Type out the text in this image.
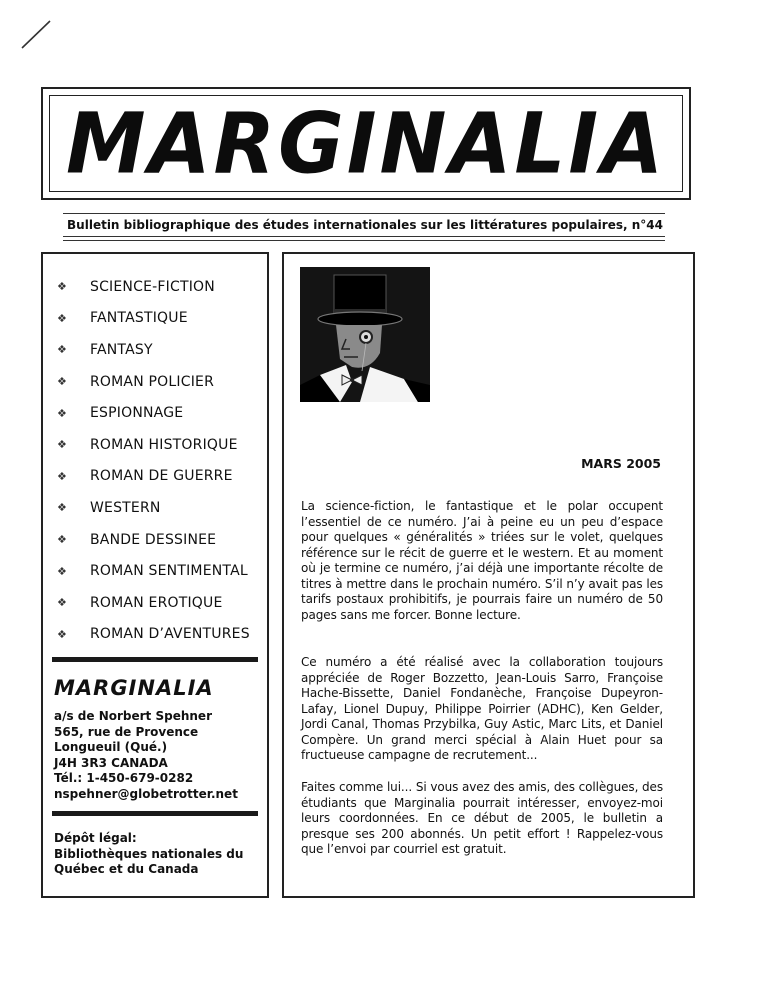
MARGINALIA
Bulletin bibliographique des études internationales sur les littératures populaires, n°44
❖	SCIENCE-FICTION
❖	FANTASTIQUE
❖	FANTASY
❖	ROMAN POLICIER
❖	ESPIONNAGE
❖	ROMAN HISTORIQUE
❖	ROMAN DE GUERRE
❖	WESTERN
❖	BANDE DESSINEE
❖	ROMAN SENTIMENTAL
❖	ROMAN EROTIQUE
❖	ROMAN D’AVENTURES
MARGINALIA
a/s de Norbert Spehner
565, rue de Provence
Longueuil (Qué.)
J4H 3R3 CANADA
Tél.: 1-450-679-0282
nspehner@globetrotter.net
Dépôt légal:
Bibliothèques nationales du
Québec et du Canada
MARS 2005

La science-fiction, le fantastique et le polar occupent l’essentiel de ce numéro. J’ai à peine eu un peu d’espace pour quelques « généralités » triées sur le volet, quelques référence sur le récit de guerre et le western. Et au moment où je termine ce numéro, j’ai déjà une importante récolte de titres à mettre dans le prochain numéro. S’il n’y avait pas les tarifs postaux prohibitifs, je pourrais faire un numéro de 50 pages sans me forcer. Bonne lecture.

Ce numéro a été réalisé avec la collaboration toujours appréciée de Roger Bozzetto, Jean-Louis Sarro, Françoise Hache-Bissette, Daniel Fondanèche, Françoise Dupeyron-Lafay, Lionel Dupuy, Philippe Poirrier (ADHC), Ken Gelder, Jordi Canal, Thomas Przybilka, Guy Astic, Marc Lits, et Daniel Compère. Un grand merci spécial à Alain Huet pour sa fructueuse campagne de recrutement...

Faites comme lui... Si vous avez des amis, des collègues, des étudiants que Marginalia pourrait intéresser, envoyez-moi leurs coordonnées. En ce début de 2005, le bulletin a presque ses 200 abonnés. Un petit effort ! Rappelez-vous que l’envoi par courriel est gratuit.
